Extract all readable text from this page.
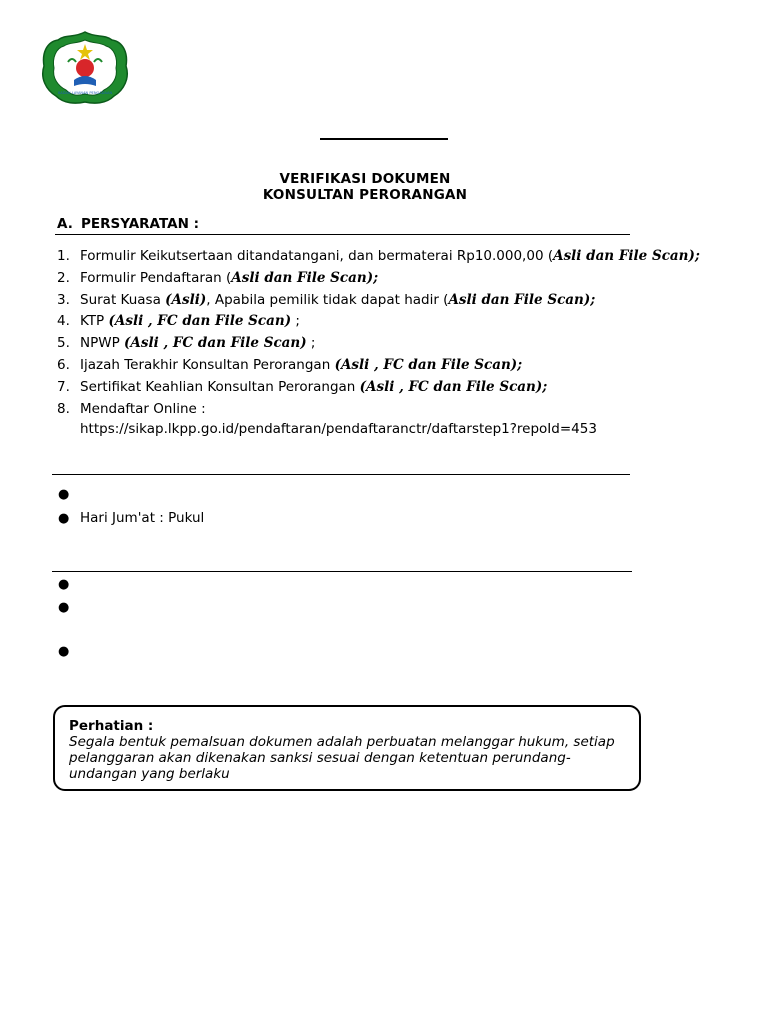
BADAN LAYANAN PENGADAAN
VERIFIKASI DOKUMEN
KONSULTAN PERORANGAN
A. PERSYARATAN :
1. Formulir Keikutsertaan ditandatangani, dan bermaterai Rp10.000,00 (Asli dan File Scan);
2. Formulir Pendaftaran (Asli dan File Scan);
3. Surat Kuasa (Asli), Apabila pemilik tidak dapat hadir (Asli dan File Scan);
4. KTP (Asli , FC dan File Scan) ;
5. NPWP (Asli , FC dan File Scan) ;
6. Ijazah Terakhir Konsultan Perorangan (Asli , FC dan File Scan);
7. Sertifikat Keahlian Konsultan Perorangan (Asli , FC dan File Scan);
8. Mendaftar Online :
https://sikap.lkpp.go.id/pendaftaran/pendaftaranctr/daftarstep1?repoId=453
●
● Hari Jum'at : Pukul
●
●
●
Perhatian :
Segala bentuk pemalsuan dokumen adalah perbuatan melanggar hukum, setiap pelanggaran akan dikenakan sanksi sesuai dengan ketentuan perundang-undangan yang berlaku
